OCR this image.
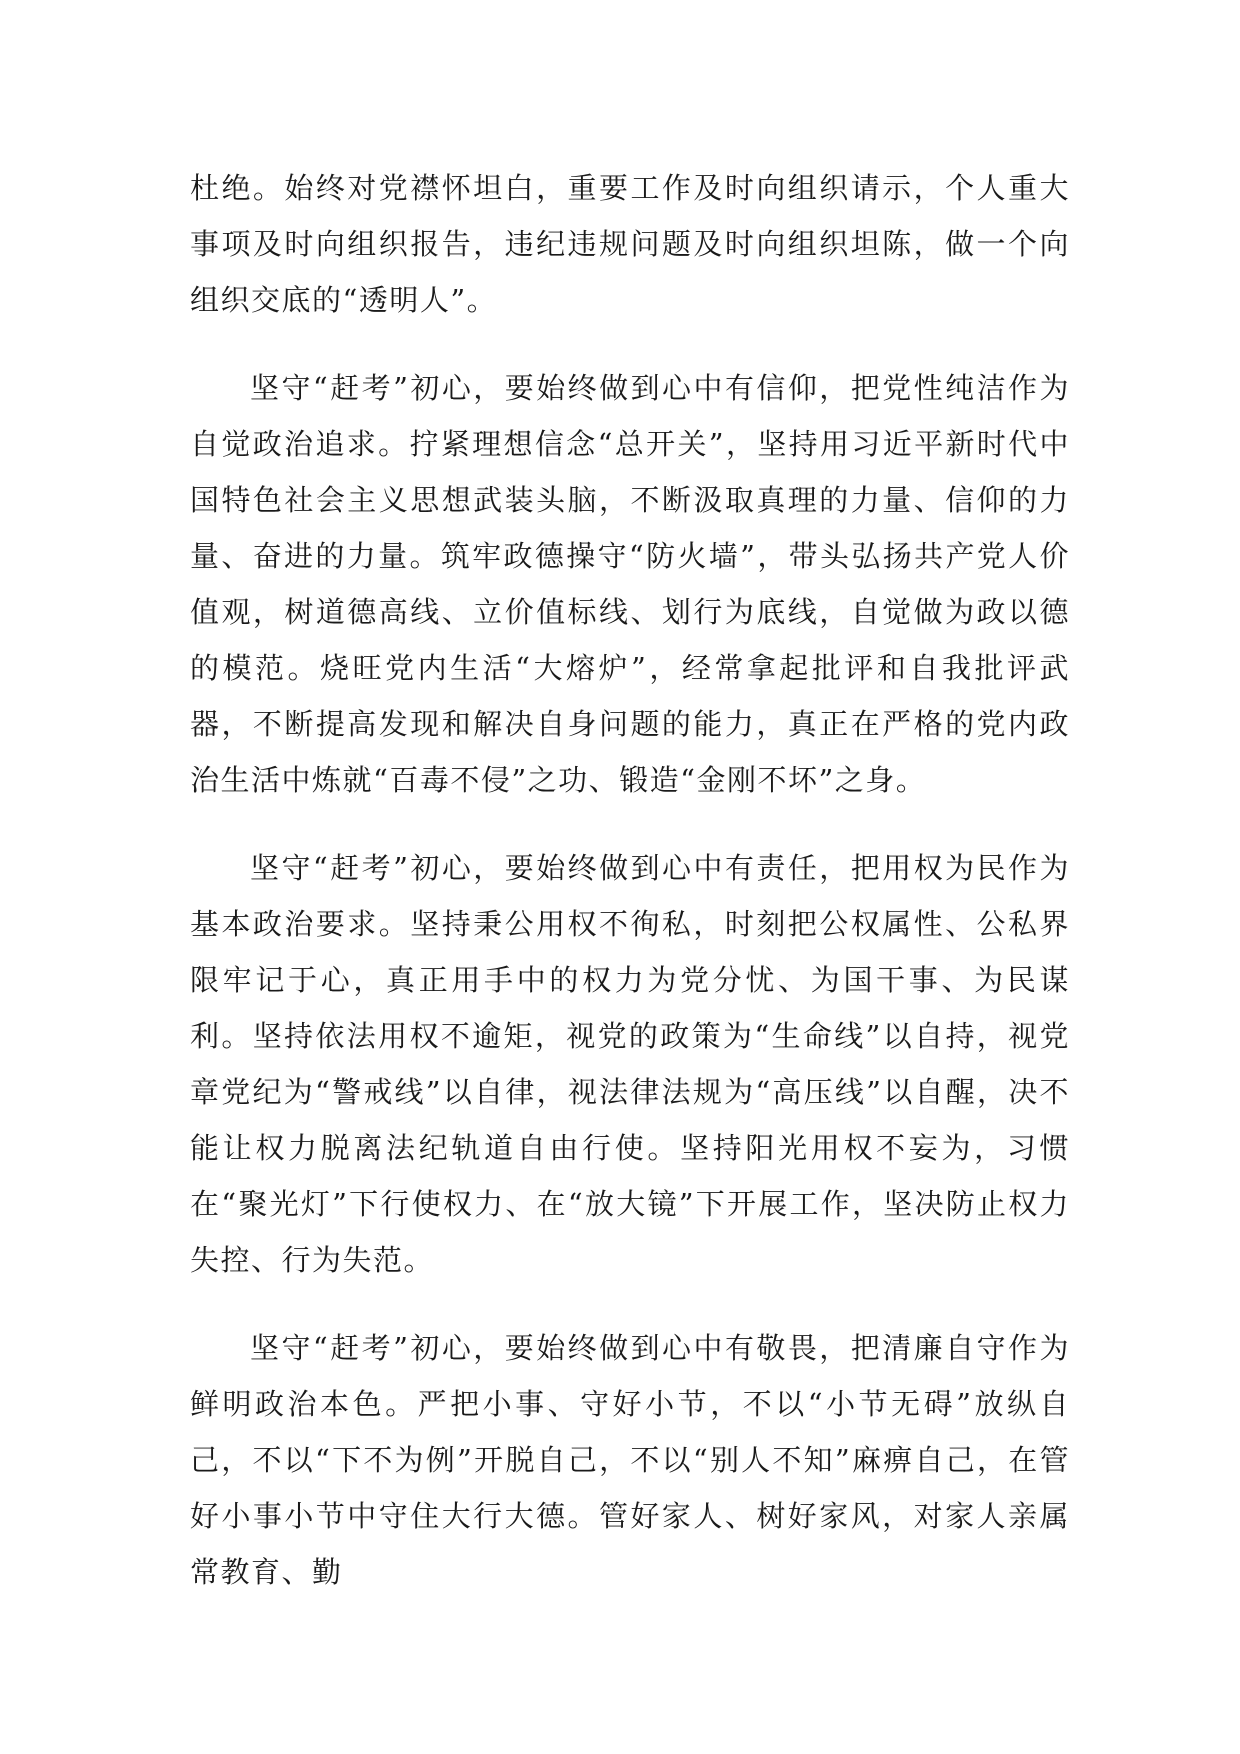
杜绝。始终对党襟怀坦白，重要工作及时向组织请示，个人重大事项及时向组织报告，违纪违规问题及时向组织坦陈，做一个向组织交底的“透明人”。

坚守“赶考”初心，要始终做到心中有信仰，把党性纯洁作为自觉政治追求。拧紧理想信念“总开关”，坚持用习近平新时代中国特色社会主义思想武装头脑，不断汲取真理的力量、信仰的力量、奋进的力量。筑牢政德操守“防火墙”，带头弘扬共产党人价值观，树道德高线、立价值标线、划行为底线，自觉做为政以德的模范。烧旺党内生活“大熔炉”，经常拿起批评和自我批评武器，不断提高发现和解决自身问题的能力，真正在严格的党内政治生活中炼就“百毒不侵”之功、锻造“金刚不坏”之身。

坚守“赶考”初心，要始终做到心中有责任，把用权为民作为基本政治要求。坚持秉公用权不徇私，时刻把公权属性、公私界限牢记于心，真正用手中的权力为党分忧、为国干事、为民谋利。坚持依法用权不逾矩，视党的政策为“生命线”以自持，视党章党纪为“警戒线”以自律，视法律法规为“高压线”以自醒，决不能让权力脱离法纪轨道自由行使。坚持阳光用权不妄为，习惯在“聚光灯”下行使权力、在“放大镜”下开展工作，坚决防止权力失控、行为失范。

坚守“赶考”初心，要始终做到心中有敬畏，把清廉自守作为鲜明政治本色。严把小事、守好小节，不以“小节无碍”放纵自己，不以“下不为例”开脱自己，不以“别人不知”麻痹自己，在管好小事小节中守住大行大德。管好家人、树好家风，对家人亲属常教育、勤
